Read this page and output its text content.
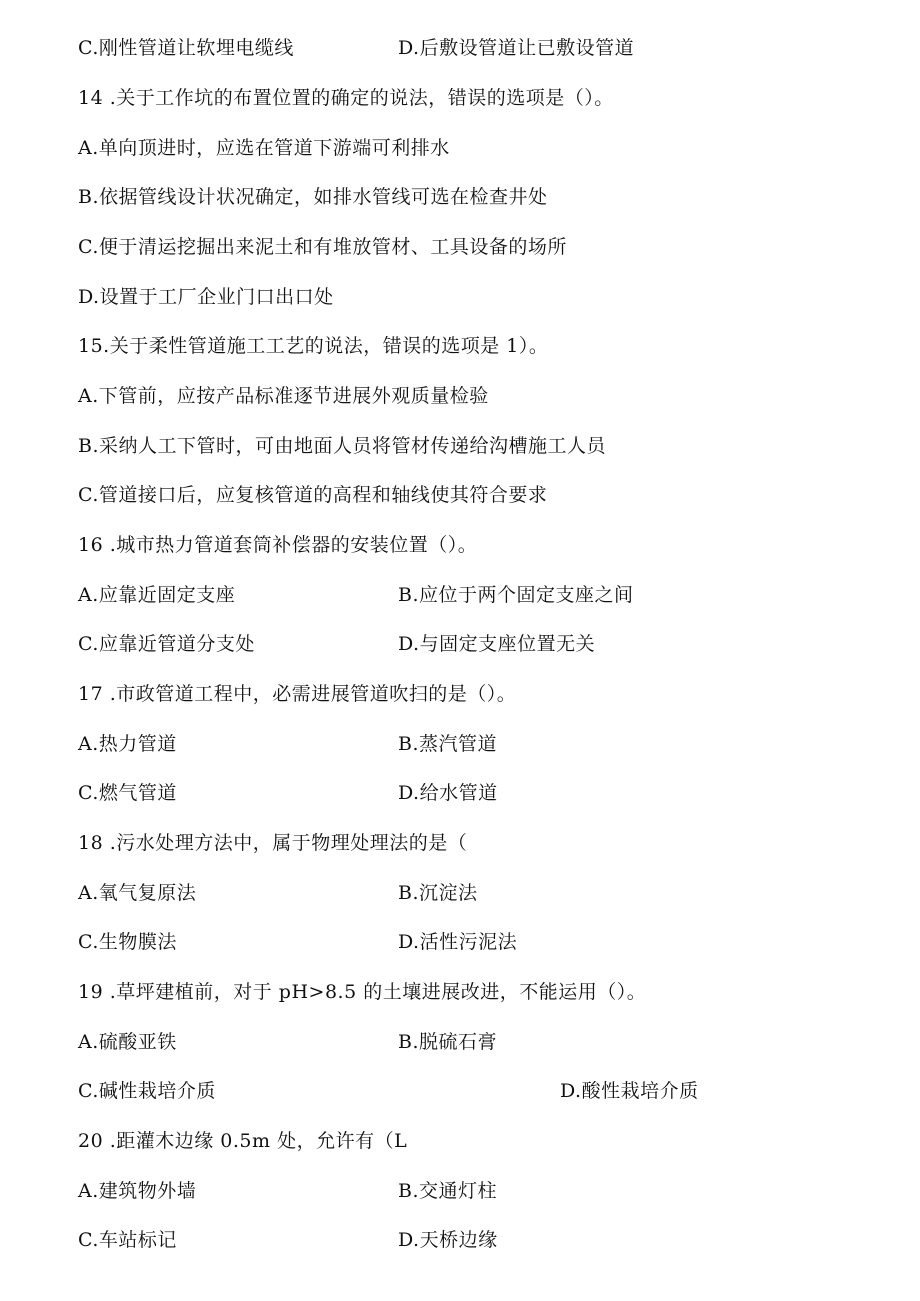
C.刚性管道让软埋电缆线	D.后敷设管道让已敷设管道
14 .关于工作坑的布置位置的确定的说法，错误的选项是（）。
A.单向顶进时，应选在管道下游端可利排水
B.依据管线设计状况确定，如排水管线可选在检查井处
C.便于清运挖掘出来泥土和有堆放管材、工具设备的场所
D.设置于工厂企业门口出口处
15.关于柔性管道施工工艺的说法，错误的选项是 1）。
A.下管前，应按产品标准逐节进展外观质量检验
B.采纳人工下管时，可由地面人员将管材传递给沟槽施工人员
C.管道接口后，应复核管道的高程和轴线使其符合要求
16 .城市热力管道套筒补偿器的安装位置（）。
A.应靠近固定支座	B.应位于两个固定支座之间
C.应靠近管道分支处	D.与固定支座位置无关
17 .市政管道工程中，必需进展管道吹扫的是（）。
A.热力管道	B.蒸汽管道
C.燃气管道	D.给水管道
18 .污水处理方法中，属于物理处理法的是（
A.氧气复原法	B.沉淀法
C.生物膜法	D.活性污泥法
19 .草坪建植前，对于 pH>8.5 的土壤进展改进，不能运用（）。
A.硫酸亚铁	B.脱硫石膏
C.碱性栽培介质	D.酸性栽培介质
20 .距灌木边缘 0.5m 处，允许有（L
A.建筑物外墙	B.交通灯柱
C.车站标记	D.天桥边缘
